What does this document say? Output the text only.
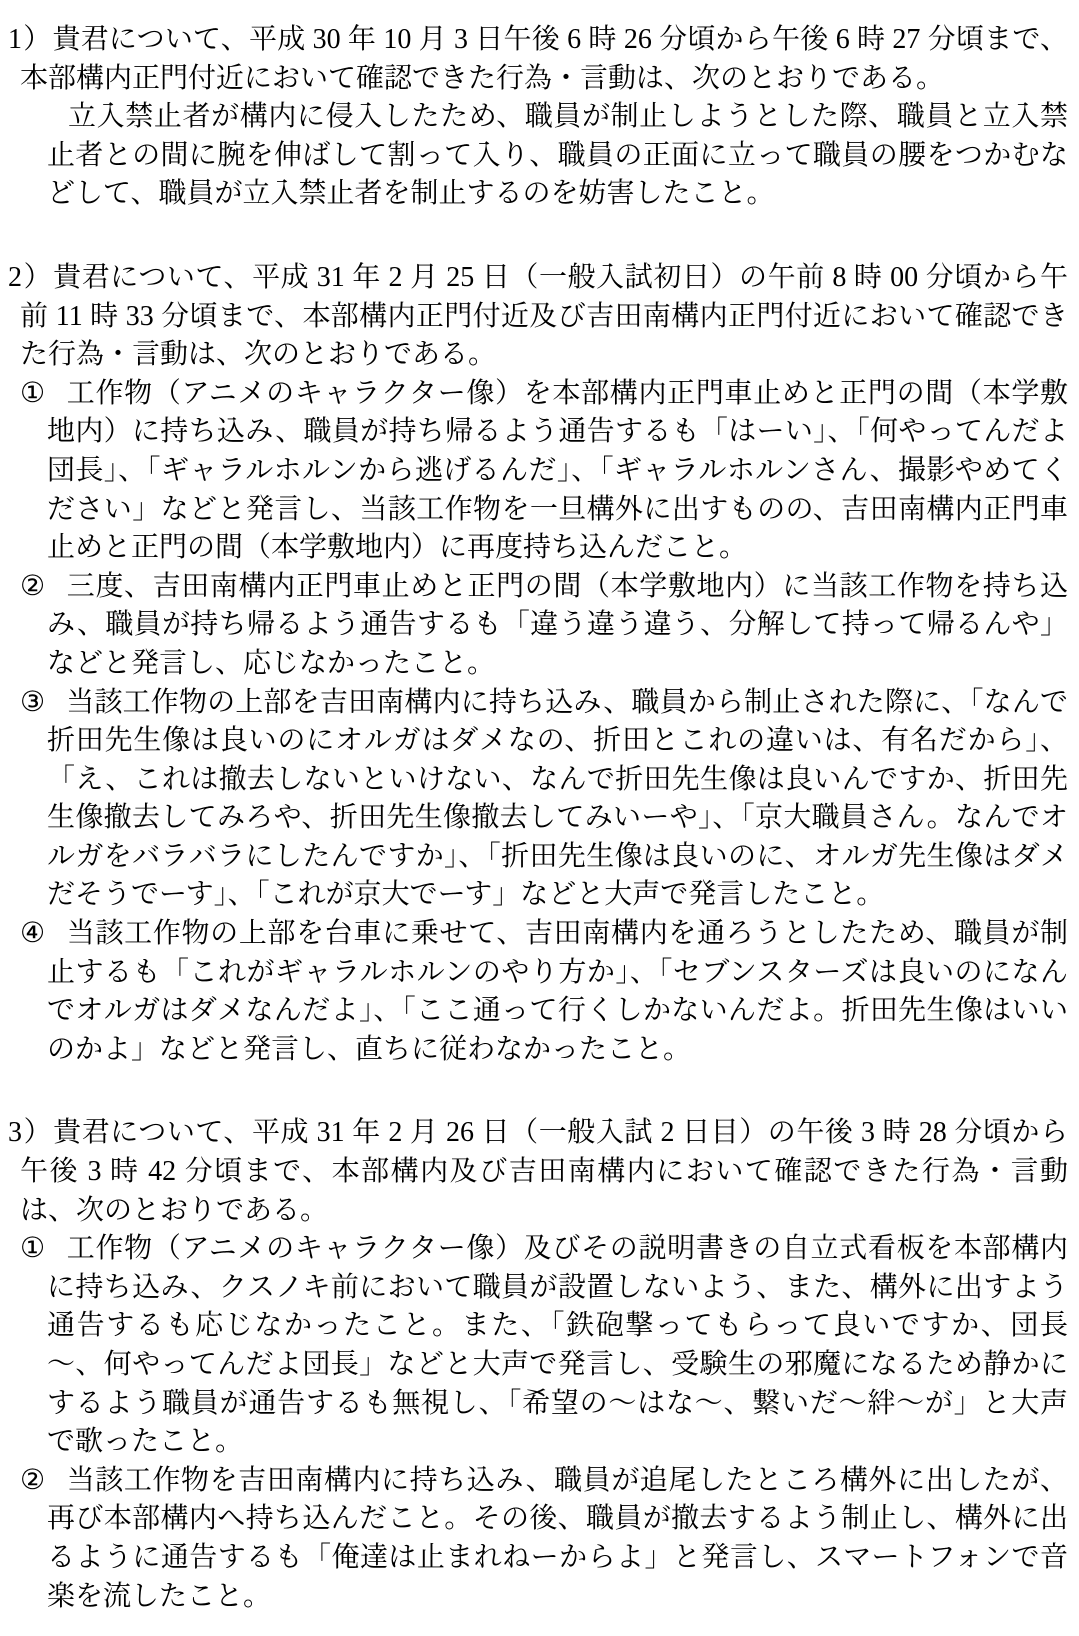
1）貴君について、平成 30 年 10 月 3 日午後 6 時 26 分頃から午後 6 時 27 分頃まで、本部構内正門付近において確認できた行為・言動は、次のとおりである。

立入禁止者が構内に侵入したため、職員が制止しようとした際、職員と立入禁止者との間に腕を伸ばして割って入り、職員の正面に立って職員の腰をつかむなどして、職員が立入禁止者を制止するのを妨害したこと。

2）貴君について、平成 31 年 2 月 25 日（一般入試初日）の午前 8 時 00 分頃から午前 11 時 33 分頃まで、本部構内正門付近及び吉田南構内正門付近において確認できた行為・言動は、次のとおりである。

① 工作物（アニメのキャラクター像）を本部構内正門車止めと正門の間（本学敷地内）に持ち込み、職員が持ち帰るよう通告するも「はーい」、「何やってんだよ団長」、「ギャラルホルンから逃げるんだ」、「ギャラルホルンさん、撮影やめてください」などと発言し、当該工作物を一旦構外に出すものの、吉田南構内正門車止めと正門の間（本学敷地内）に再度持ち込んだこと。

② 三度、吉田南構内正門車止めと正門の間（本学敷地内）に当該工作物を持ち込み、職員が持ち帰るよう通告するも「違う違う違う、分解して持って帰るんや」などと発言し、応じなかったこと。

③ 当該工作物の上部を吉田南構内に持ち込み、職員から制止された際に、「なんで折田先生像は良いのにオルガはダメなの、折田とこれの違いは、有名だから」、「え、これは撤去しないといけない、なんで折田先生像は良いんですか、折田先生像撤去してみろや、折田先生像撤去してみいーや」、「京大職員さん。なんでオルガをバラバラにしたんですか」、「折田先生像は良いのに、オルガ先生像はダメだそうでーす」、「これが京大でーす」などと大声で発言したこと。

④ 当該工作物の上部を台車に乗せて、吉田南構内を通ろうとしたため、職員が制止するも「これがギャラルホルンのやり方か」、「セブンスターズは良いのになんでオルガはダメなんだよ」、「ここ通って行くしかないんだよ。折田先生像はいいのかよ」などと発言し、直ちに従わなかったこと。

3）貴君について、平成 31 年 2 月 26 日（一般入試 2 日目）の午後 3 時 28 分頃から午後 3 時 42 分頃まで、本部構内及び吉田南構内において確認できた行為・言動は、次のとおりである。

① 工作物（アニメのキャラクター像）及びその説明書きの自立式看板を本部構内に持ち込み、クスノキ前において職員が設置しないよう、また、構外に出すよう通告するも応じなかったこと。また、「鉄砲撃ってもらって良いですか、団長～、何やってんだよ団長」などと大声で発言し、受験生の邪魔になるため静かにするよう職員が通告するも無視し、「希望の～はな～、繋いだ～絆～が」と大声で歌ったこと。

② 当該工作物を吉田南構内に持ち込み、職員が追尾したところ構外に出したが、再び本部構内へ持ち込んだこと。その後、職員が撤去するよう制止し、構外に出るように通告するも「俺達は止まれねーからよ」と発言し、スマートフォンで音楽を流したこと。
